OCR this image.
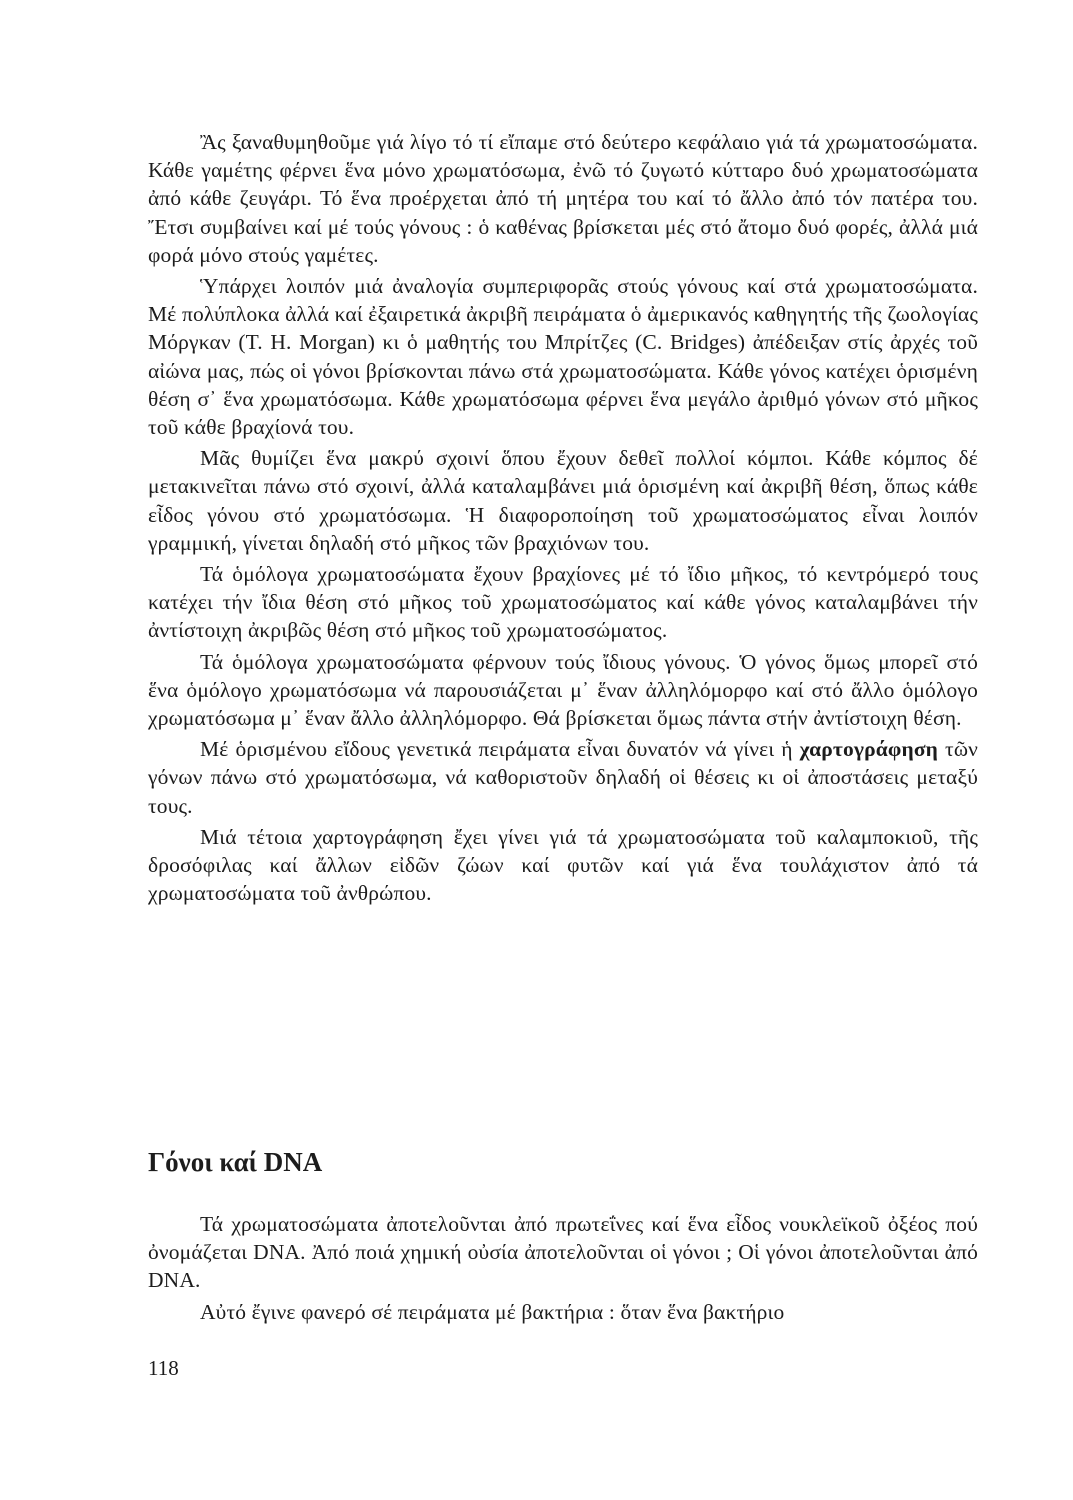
Ἂς ξαναθυμηθοῦμε γιά λίγο τό τί εἴπαμε στό δεύτερο κεφάλαιο γιά τά χρωματοσώματα. Κάθε γαμέτης φέρνει ἕνα μόνο χρωματόσωμα, ἐνῶ τό ζυγωτό κύτταρο δυό χρωματοσώματα ἀπό κάθε ζευγάρι. Τό ἕνα προέρχεται ἀπό τή μητέρα του καί τό ἄλλο ἀπό τόν πατέρα του. Ἔτσι συμβαίνει καί μέ τούς γόνους : ὁ καθένας βρίσκεται μές στό ἄτομο δυό φορές, ἀλλά μιά φορά μόνο στούς γαμέτες.

Ὑπάρχει λοιπόν μιά ἀναλογία συμπεριφορᾶς στούς γόνους καί στά χρωματοσώματα. Μέ πολύπλοκα ἀλλά καί ἐξαιρετικά ἀκριβῆ πειράματα ὁ ἀμερικανός καθηγητής τῆς ζωολογίας Μόργκαν (T. H. Morgan) κι ὁ μαθητής του Μπρίτζες (C. Bridges) ἀπέδειξαν στίς ἀρχές τοῦ αἰώνα μας, πώς οἱ γόνοι βρίσκονται πάνω στά χρωματοσώματα. Κάθε γόνος κατέχει ὁρισμένη θέση σ᾽ ἕνα χρωματόσωμα. Κάθε χρωματόσωμα φέρνει ἕνα μεγάλο ἀριθμό γόνων στό μῆκος τοῦ κάθε βραχίονά του.

Μᾶς θυμίζει ἕνα μακρύ σχοινί ὅπου ἔχουν δεθεῖ πολλοί κόμποι. Κάθε κόμπος δέ μετακινεῖται πάνω στό σχοινί, ἀλλά καταλαμβάνει μιά ὁρισμένη καί ἀκριβῆ θέση, ὅπως κάθε εἶδος γόνου στό χρωματόσωμα. Ἡ διαφοροποίηση τοῦ χρωματοσώματος εἶναι λοιπόν γραμμική, γίνεται δηλαδή στό μῆκος τῶν βραχιόνων του.

Τά ὁμόλογα χρωματοσώματα ἔχουν βραχίονες μέ τό ἴδιο μῆκος, τό κεντρόμερό τους κατέχει τήν ἴδια θέση στό μῆκος τοῦ χρωματοσώματος καί κάθε γόνος καταλαμβάνει τήν ἀντίστοιχη ἀκριβῶς θέση στό μῆκος τοῦ χρωματοσώματος.

Τά ὁμόλογα χρωματοσώματα φέρνουν τούς ἴδιους γόνους. Ὁ γόνος ὅμως μπορεῖ στό ἕνα ὁμόλογο χρωματόσωμα νά παρουσιάζεται μ᾽ ἕναν ἀλληλόμορφο καί στό ἄλλο ὁμόλογο χρωματόσωμα μ᾽ ἕναν ἄλλο ἀλληλόμορφο. Θά βρίσκεται ὅμως πάντα στήν ἀντίστοιχη θέση.

Μέ ὁρισμένου εἴδους γενετικά πειράματα εἶναι δυνατόν νά γίνει ἡ χαρτογράφηση τῶν γόνων πάνω στό χρωματόσωμα, νά καθοριστοῦν δηλαδή οἱ θέσεις κι οἱ ἀποστάσεις μεταξύ τους.

Μιά τέτοια χαρτογράφηση ἔχει γίνει γιά τά χρωματοσώματα τοῦ καλαμποκιοῦ, τῆς δροσόφιλας καί ἄλλων εἰδῶν ζώων καί φυτῶν καί γιά ἕνα τουλάχιστον ἀπό τά χρωματοσώματα τοῦ ἀνθρώπου.

Γόνοι καί DNA

Τά χρωματοσώματα ἀποτελοῦνται ἀπό πρωτεΐνες καί ἕνα εἶδος νουκλεϊκοῦ ὀξέος πού ὀνομάζεται DNA. Ἀπό ποιά χημική οὐσία ἀποτελοῦνται οἱ γόνοι ; Οἱ γόνοι ἀποτελοῦνται ἀπό DNA.

Αὐτό ἔγινε φανερό σέ πειράματα μέ βακτήρια : ὅταν ἕνα βακτήριο

118
